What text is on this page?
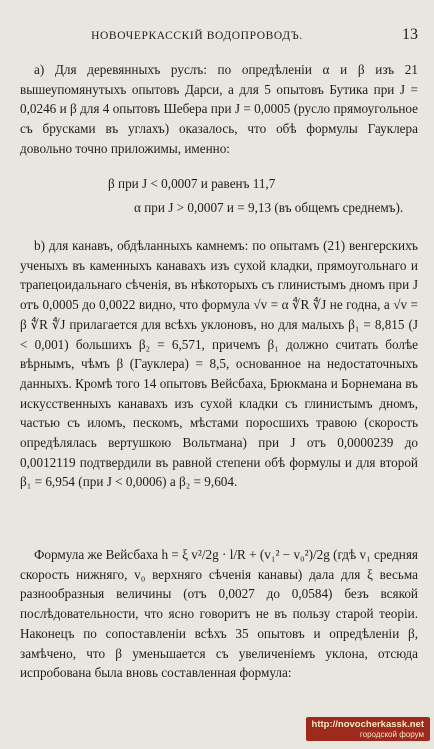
НОВОЧЕРКАССКІЙ ВОДОПРОВОДЪ.	13

а) Для деревянныхъ руслъ: по опредѣленіи α и β изъ 21 вышеупомянутыхъ опытовъ Дарси, а для 5 опытовъ Бутика при J = 0,0246 и β для 4 опытовъ Шебера при J = 0,0005 (русло прямоугольное съ брусками въ углахъ) оказалось, что обѣ формулы Гауклера довольно точно приложимы, именно:

β при J < 0,0007 и равенъ 11,7
α при J > 0,0007 и = 9,13 (въ общемъ среднемъ).

b) для канавъ, обдѣланныхъ камнемъ: по опытамъ (21) венгерскихъ ученыхъ въ каменныхъ канавахъ изъ сухой кладки, прямоугольнаго и трапецоидальнаго сѣченія, въ нѣкоторыхъ съ глинистымъ дномъ при J отъ 0,0005 до 0,0022 видно, что формула √v = α ∜R ∜J не годна, а √v = β ∜R ∜J прилагается для всѣхъ уклоновъ, но для малыхъ β₁ = 8,815 (J < 0,001) большихъ β₂ = 6,571, причемъ β₁ должно считать болѣе вѣрнымъ, чѣмъ β (Гауклера) = 8,5, основанное на недостаточныхъ данныхъ. Кромѣ того 14 опытовъ Вейсбаха, Брюкмана и Борнемана въ искусственныхъ канавахъ изъ сухой кладки съ глинистымъ дномъ, частью съ иломъ, пескомъ, мѣстами поросшихъ травою (скорость опредѣлялась вертушкою Вольтмана) при J отъ 0,0000239 до 0,0012119 подтвердили въ равной степени обѣ формулы и для второй β₁ = 6,954 (при J < 0,0006) а β₂ = 9,604.

Формула же Вейсбаха h = ξ v²/2g · l/R + (v₁² − v₀²)/2g (гдѣ v₁ средняя скорость нижняго, v₀ верхняго сѣченія канавы) дала для ξ весьма разнообразныя величины (отъ 0,0027 до 0,0584) безъ всякой послѣдовательности, что ясно говоритъ не въ пользу старой теоріи. Наконецъ по сопоставленіи всѣхъ 35 опытовъ и опредѣленіи β, замѣчено, что β уменьшается съ увеличеніемъ уклона, отсюда испробована была вновь составленная формула:

http://novocherkassk.net
городской форум
